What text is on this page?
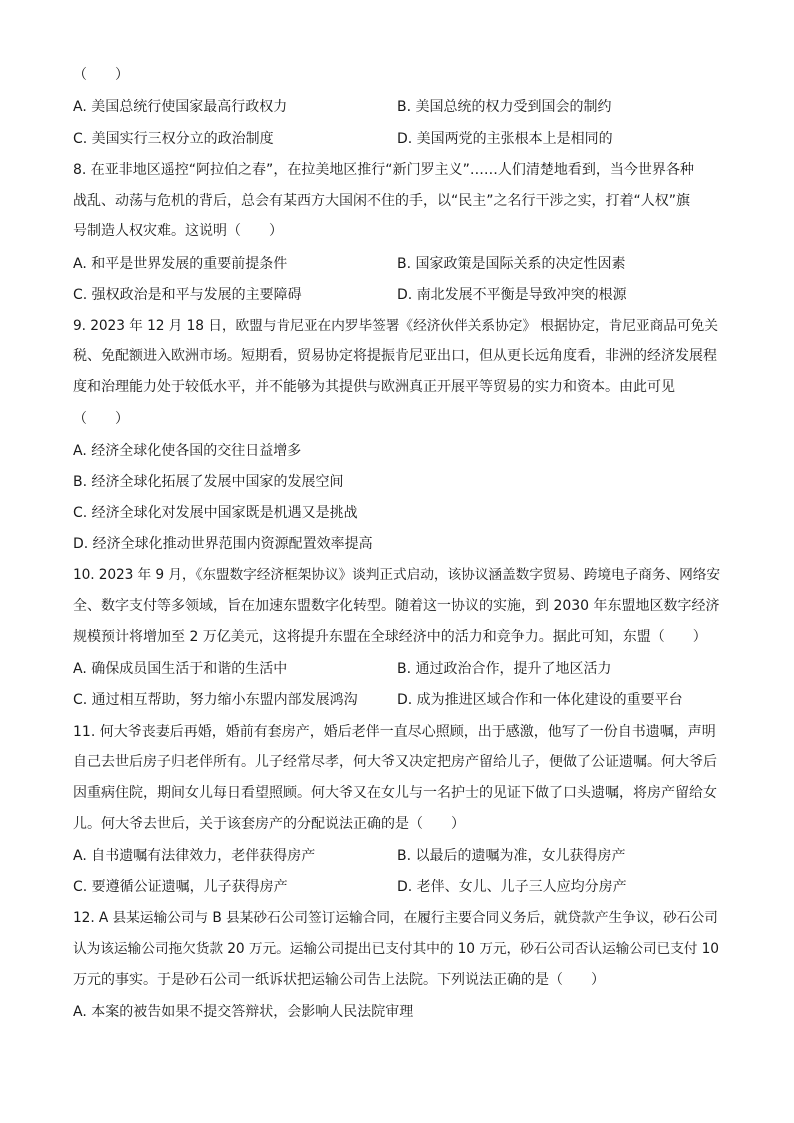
（　　）
A. 美国总统行使国家最高行政权力	B. 美国总统的权力受到国会的制约
C. 美国实行三权分立的政治制度	D. 美国两党的主张根本上是相同的
8. 在亚非地区遥控“阿拉伯之春”，在拉美地区推行“新门罗主义”……人们清楚地看到，当今世界各种
战乱、动荡与危机的背后，总会有某西方大国闲不住的手，以“民主”之名行干涉之实，打着“人权”旗
号制造人权灾难。这说明（　　）
A. 和平是世界发展的重要前提条件	B. 国家政策是国际关系的决定性因素
C. 强权政治是和平与发展的主要障碍	D. 南北发展不平衡是导致冲突的根源
9. 2023 年 12 月 18 日，欧盟与肯尼亚在内罗毕签署《经济伙伴关系协定》 根据协定，肯尼亚商品可免关
税、免配额进入欧洲市场。短期看，贸易协定将提振肯尼亚出口，但从更长远角度看，非洲的经济发展程
度和治理能力处于较低水平，并不能够为其提供与欧洲真正开展平等贸易的实力和资本。由此可见
（　　）
A. 经济全球化使各国的交往日益增多
B. 经济全球化拓展了发展中国家的发展空间
C. 经济全球化对发展中国家既是机遇又是挑战
D. 经济全球化推动世界范围内资源配置效率提高
10. 2023 年 9 月，《东盟数字经济框架协议》谈判正式启动，该协议涵盖数字贸易、跨境电子商务、网络安
全、数字支付等多领域，旨在加速东盟数字化转型。随着这一协议的实施，到 2030 年东盟地区数字经济
规模预计将增加至 2 万亿美元，这将提升东盟在全球经济中的活力和竞争力。据此可知，东盟（　　）
A. 确保成员国生活于和谐的生活中	B. 通过政治合作，提升了地区活力
C. 通过相互帮助，努力缩小东盟内部发展鸿沟	D. 成为推进区域合作和一体化建设的重要平台
11. 何大爷丧妻后再婚，婚前有套房产，婚后老伴一直尽心照顾，出于感激，他写了一份自书遗嘱，声明
自己去世后房子归老伴所有。儿子经常尽孝，何大爷又决定把房产留给儿子，便做了公证遗嘱。何大爷后
因重病住院，期间女儿每日看望照顾。何大爷又在女儿与一名护士的见证下做了口头遗嘱，将房产留给女
儿。何大爷去世后，关于该套房产的分配说法正确的是（　　）
A. 自书遗嘱有法律效力，老伴获得房产	B. 以最后的遗嘱为准，女儿获得房产
C. 要遵循公证遗嘱，儿子获得房产	D. 老伴、女儿、儿子三人应均分房产
12. A 县某运输公司与 B 县某砂石公司签订运输合同，在履行主要合同义务后，就贷款产生争议，砂石公司
认为该运输公司拖欠货款 20 万元。运输公司提出已支付其中的 10 万元，砂石公司否认运输公司已支付 10
万元的事实。于是砂石公司一纸诉状把运输公司告上法院。下列说法正确的是（　　）
A. 本案的被告如果不提交答辩状，会影响人民法院审理
